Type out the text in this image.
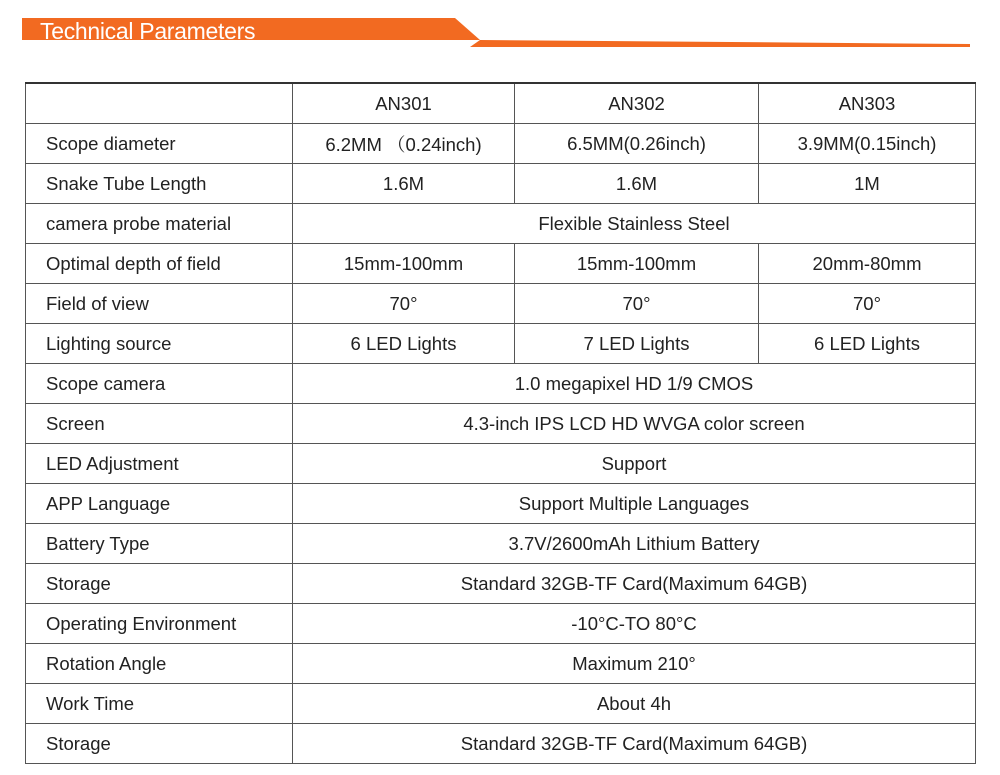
Technical Parameters
	AN301	AN302	AN303
Scope diameter	6.2MM （0.24inch)	6.5MM(0.26inch)	3.9MM(0.15inch)
Snake Tube Length	1.6M	1.6M	1M
camera probe material	Flexible Stainless Steel		
Optimal depth of field	15mm-100mm	15mm-100mm	20mm-80mm
Field of view	70°	70°	70°
Lighting source	6 LED Lights	7 LED Lights	6 LED Lights
Scope camera	1.0 megapixel HD 1/9 CMOS		
Screen	4.3-inch IPS LCD HD WVGA color screen		
LED Adjustment	Support		
APP Language	Support Multiple Languages		
Battery Type	3.7V/2600mAh Lithium Battery		
Storage	Standard 32GB-TF Card(Maximum 64GB)		
Operating Environment	-10°C-TO 80°C		
Rotation Angle	Maximum 210°		
Work Time	About 4h		
Storage	Standard 32GB-TF Card(Maximum 64GB)		
